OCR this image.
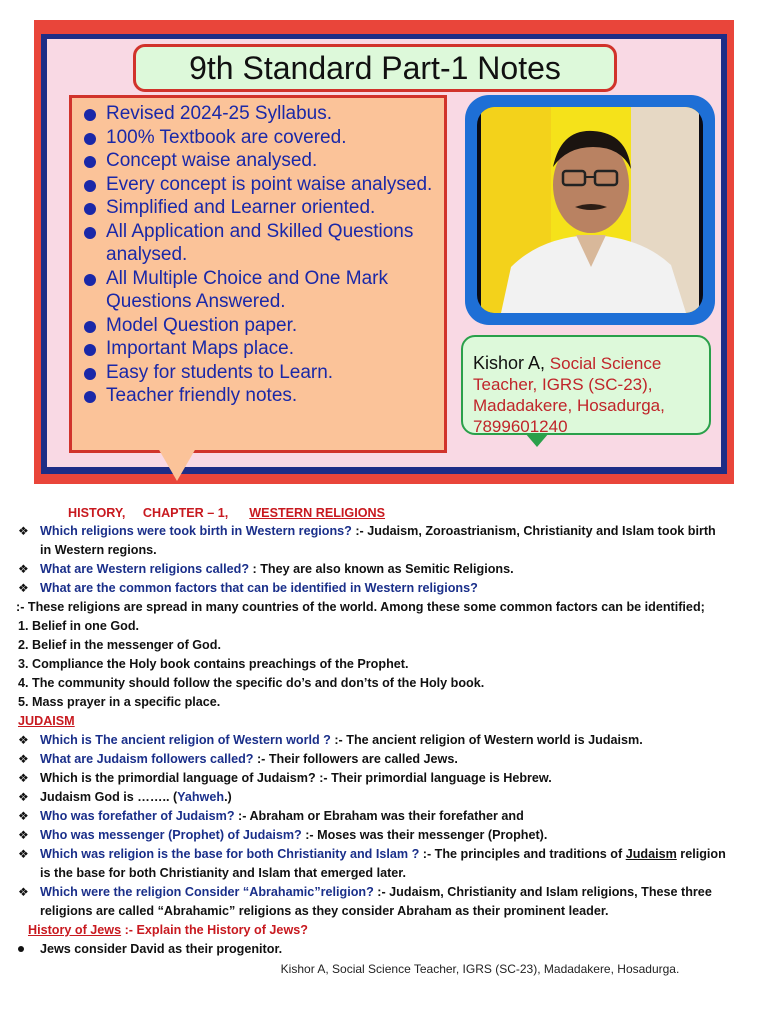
9th Standard Part-1 Notes
Revised 2024-25 Syllabus.
100% Textbook are covered.
Concept waise analysed.
Every concept is point waise analysed.
Simplified and Learner oriented.
All Application and Skilled Questions analysed.
All Multiple Choice and One Mark Questions Answered.
Model Question paper.
Important Maps place.
Easy for students to Learn.
Teacher friendly notes.
Kishor A, Social Science Teacher, IGRS (SC-23), Madadakere, Hosadurga, 7899601240
HISTORY, CHAPTER – 1, WESTERN RELIGIONS
❖ Which religions were took birth in Western regions? :- Judaism, Zoroastrianism, Christianity and Islam took birth
in Western regions.
❖ What are Western religions called? : They are also known as Semitic Religions.
❖ What are the common factors that can be identified in Western religions?
:- These religions are spread in many countries of the world. Among these some common factors can be identified;
1. Belief in one God.
2. Belief in the messenger of God.
3. Compliance the Holy book contains preachings of the Prophet.
4. The community should follow the specific do’s and don’ts of the Holy book.
5. Mass prayer in a specific place.
JUDAISM
❖ Which is The ancient religion of Western world ? :- The ancient religion of Western world is Judaism.
❖ What are Judaism followers called? :- Their followers are called Jews.
❖ Which is the primordial language of Judaism? :- Their primordial language is Hebrew.
❖ Judaism God is …….. (Yahweh.)
❖ Who was forefather of Judaism? :- Abraham or Ebraham was their forefather and
❖ Who was messenger (Prophet) of Judaism? :- Moses was their messenger (Prophet).
❖ Which was religion is the base for both Christianity and Islam ? :- The principles and traditions of Judaism religion
is the base for both Christianity and Islam that emerged later.
❖ Which were the religion Consider “Abrahamic”religion? :- Judaism, Christianity and Islam religions, These three
religions are called “Abrahamic” religions as they consider Abraham as their prominent leader.
History of Jews :- Explain the History of Jews?
Jews consider David as their progenitor.
Kishor A, Social Science Teacher, IGRS (SC-23), Madadakere, Hosadurga.
